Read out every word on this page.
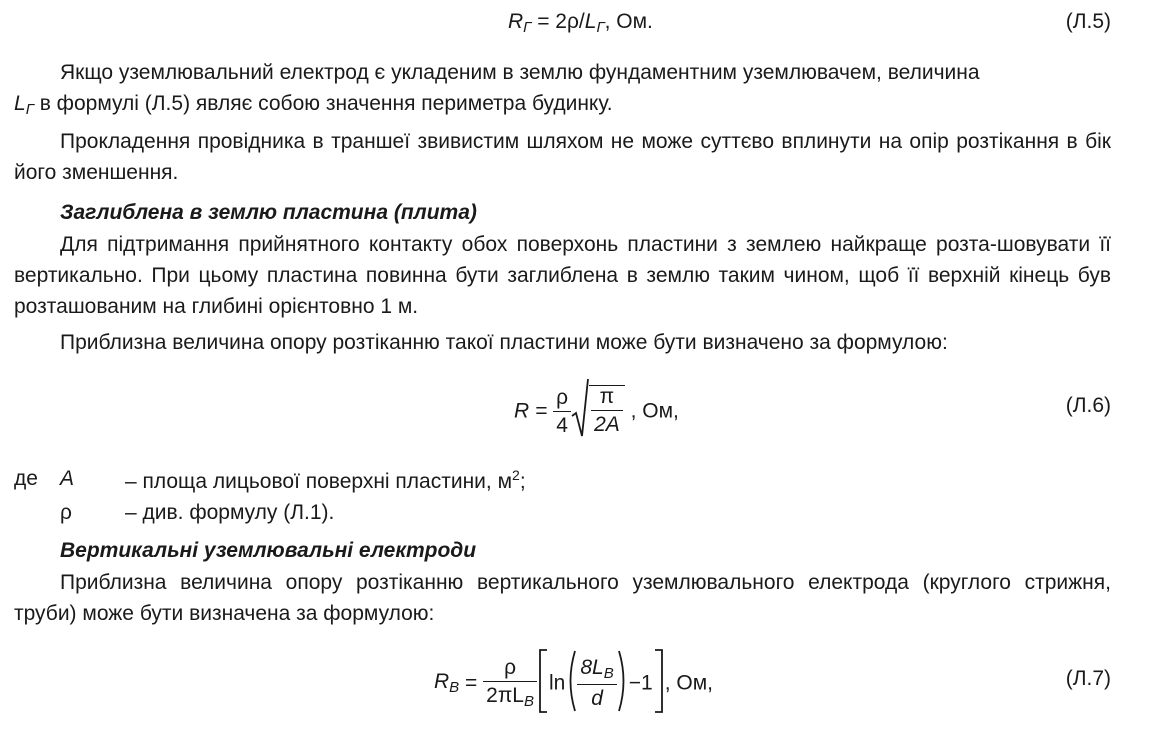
$R_Г = 2\rho/L_Г$, Ом.	(Л.5)
Якщо уземлювальний електрод є укладеним в землю фундаментним уземлювачем, величина
$L_Г$ в формулі (Л.5) являє собою значення периметра будинку.
Прокладення провідника в траншеї звивистим шляхом не може суттєво вплинути на опір розтікання в бік його зменшення.
Заглиблена в землю пластина (плита)
Для підтримання прийнятного контакту обох поверхонь пластини з землею найкраще розта-шовувати її вертикально. При цьому пластина повинна бути заглиблена в землю таким чином, щоб її верхній кінець був розташованим на глибині орієнтовно 1 м.
Приблизна величина опору розтіканню такої пластини може бути визначено за формулою:
$R = \frac{\rho}{4} \frac{\pi}{2A}$ , Ом,	(Л.6)
де A – площа лицьової поверхні пластини, $м^2$;
ρ	– див. формулу (Л.1).
Вертикальні уземлювальні електроди
Приблизна величина опору розтіканню вертикального уземлювального електрода (круглого стрижня, труби) може бути визначена за формулою:
$R_B = \frac{\rho}{2\pi L_B}$ $\ln \frac{8L_B}{d} -1$ , Ом,	(Л.7)
